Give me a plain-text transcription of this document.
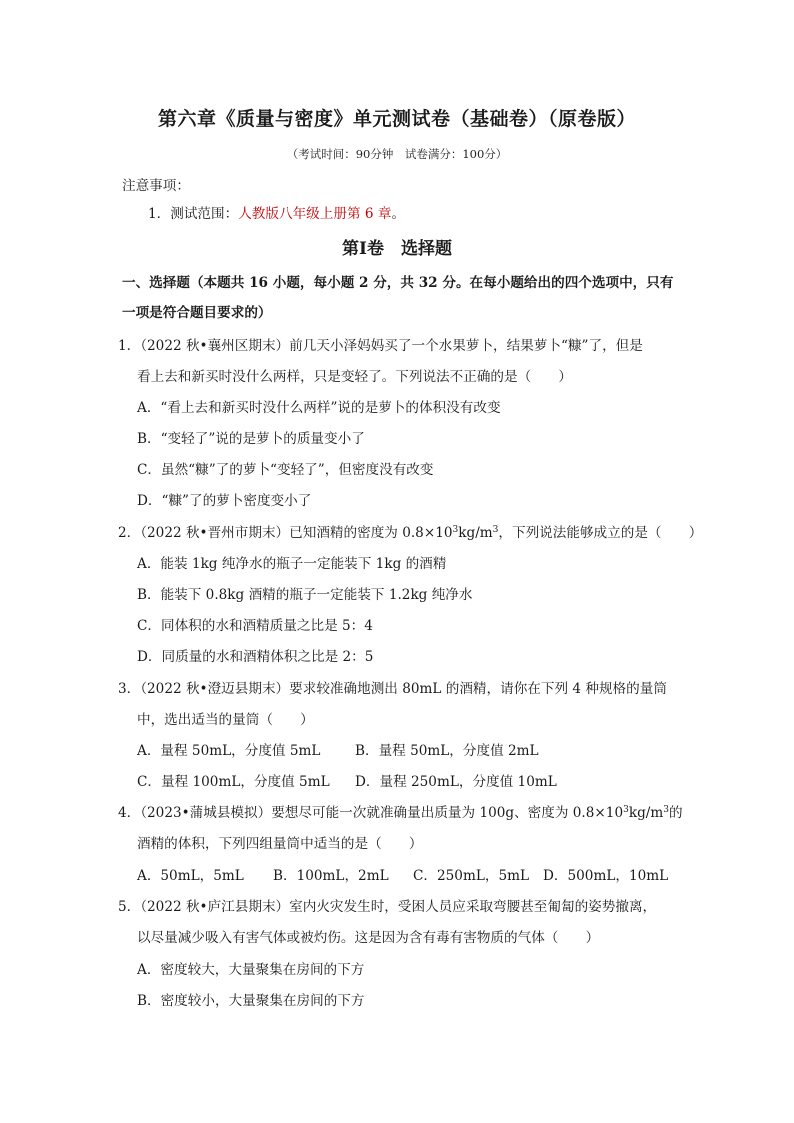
第六章《质量与密度》单元测试卷（基础卷）（原卷版）
（考试时间：90分钟　试卷满分：100分）
注意事项：
1．测试范围：人教版八年级上册第 6 章。
第Ⅰ卷　选择题
一、选择题（本题共 16 小题，每小题 2 分，共 32 分。在每小题给出的四个选项中，只有
一项是符合题目要求的）
1．（2022 秋•襄州区期末）前几天小泽妈妈买了一个水果萝卜，结果萝卜“糠”了，但是
看上去和新买时没什么两样，只是变轻了。下列说法不正确的是（　　）
A．“看上去和新买时没什么两样”说的是萝卜的体积没有改变
B．“变轻了”说的是萝卜的质量变小了
C．虽然“糠”了的萝卜“变轻了”，但密度没有改变
D．“糠”了的萝卜密度变小了
2．（2022 秋•晋州市期末）已知酒精的密度为 $0.8\times 10^3kg/m^3$，下列说法能够成立的是（　　）
A．能装 1kg 纯净水的瓶子一定能装下 1kg 的酒精
B．能装下 0.8kg 酒精的瓶子一定能装下 1.2kg 纯净水
C．同体积的水和酒精质量之比是 5：4
D．同质量的水和酒精体积之比是 2：5
3．（2022 秋•澄迈县期末）要求较准确地测出 80mL 的酒精，请你在下列 4 种规格的量筒
中，选出适当的量筒（　　）
A．量程 50mL，分度值 5mL	B．量程 50mL，分度值 2mL
C．量程 100mL，分度值 5mL D．量程 250mL，分度值 10mL
4．（2023•蒲城县模拟）要想尽可能一次就准确量出质量为 100g、密度为 $0.8\times 10^3kg/m^3$的
酒精的体积，下列四组量筒中适当的是（　　）
A．50mL，5mL B．100mL，2mL C．250mL，5mL D．500mL，10mL
5．（2022 秋•庐江县期末）室内火灾发生时，受困人员应采取弯腰甚至匍匐的姿势撤离，
以尽量减少吸入有害气体或被灼伤。这是因为含有毒有害物质的气体（　　）
A．密度较大，大量聚集在房间的下方
B．密度较小，大量聚集在房间的下方
